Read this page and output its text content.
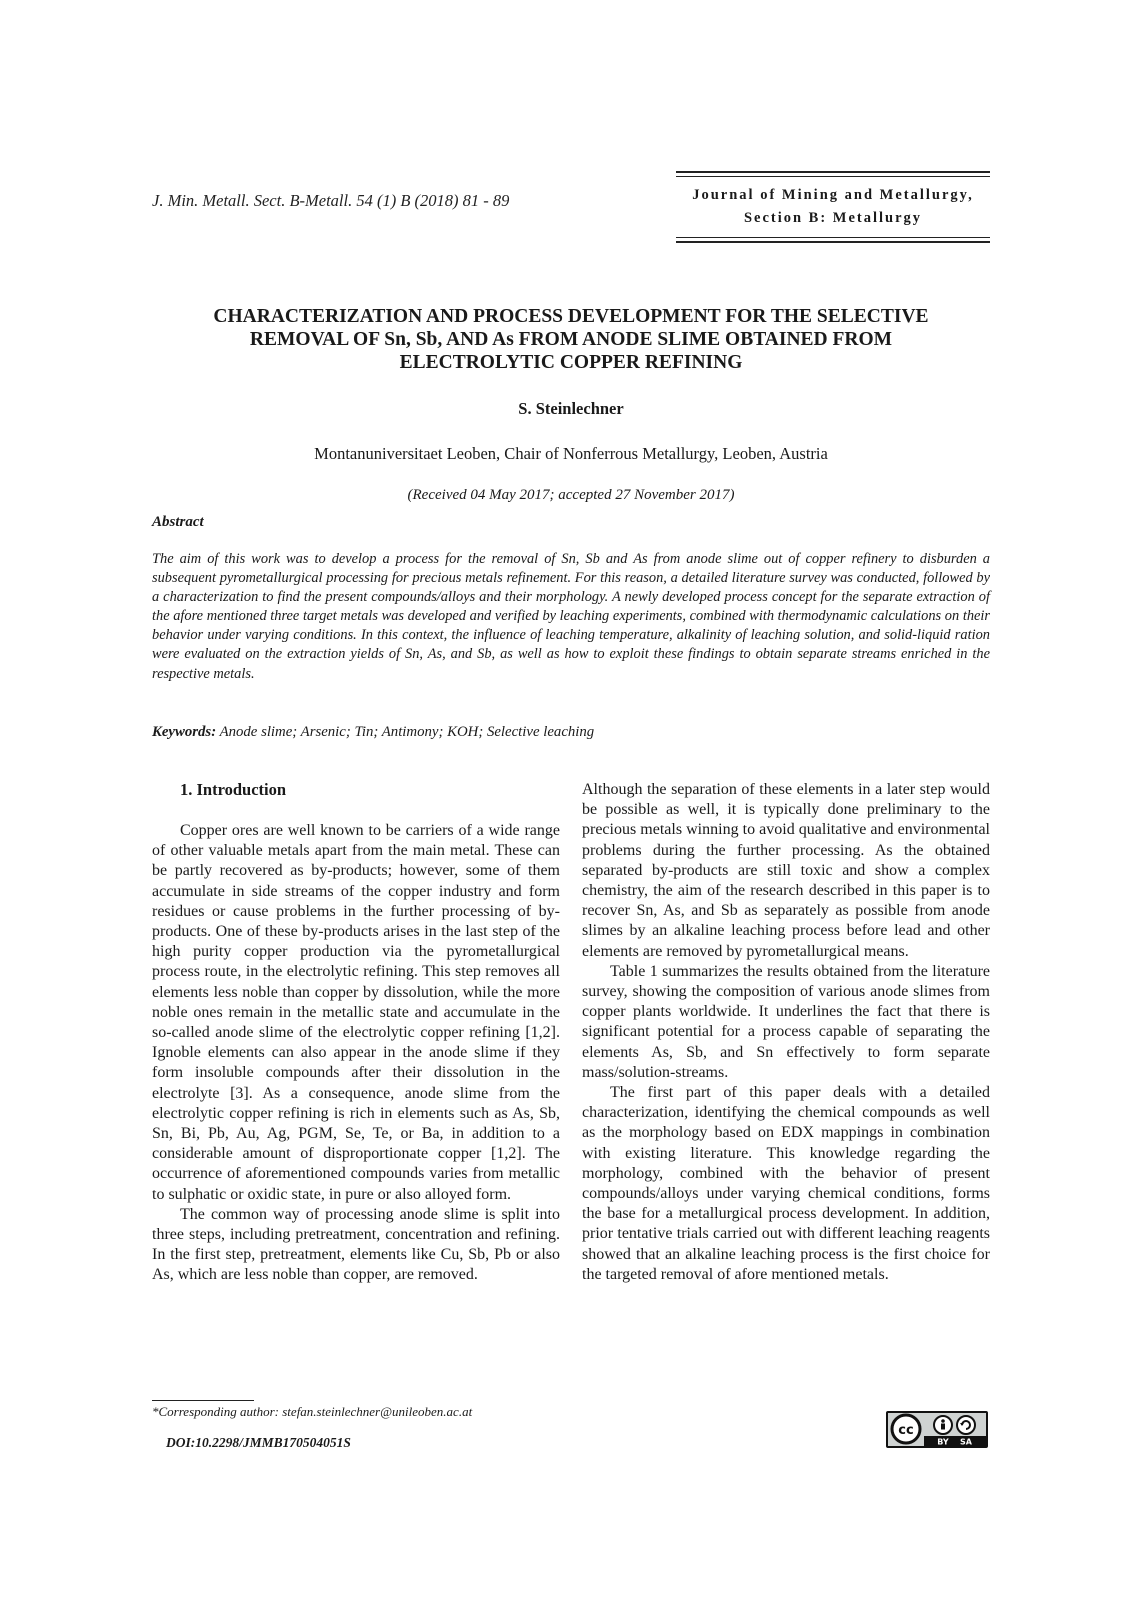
J. Min. Metall. Sect. B-Metall. 54 (1) B (2018) 81 - 89	Journal of Mining and Metallurgy,
Section B: Metallurgy
CHARACTERIZATION AND PROCESS DEVELOPMENT FOR THE SELECTIVE
REMOVAL OF Sn, Sb, AND As FROM ANODE SLIME OBTAINED FROM
ELECTROLYTIC COPPER REFINING
S. Steinlechner
Montanuniversitaet Leoben, Chair of Nonferrous Metallurgy, Leoben, Austria
(Received 04 May 2017; accepted 27 November 2017)
Abstract
The aim of this work was to develop a process for the removal of Sn, Sb and As from anode slime out of copper refinery to disburden a subsequent pyrometallurgical processing for precious metals refinement. For this reason, a detailed literature survey was conducted, followed by a characterization to find the present compounds/alloys and their morphology. A newly developed process concept for the separate extraction of the afore mentioned three target metals was developed and verified by leaching experiments, combined with thermodynamic calculations on their behavior under varying conditions. In this context, the influence of leaching temperature, alkalinity of leaching solution, and solid-liquid ration were evaluated on the extraction yields of Sn, As, and Sb, as well as how to exploit these findings to obtain separate streams enriched in the respective metals.
Keywords: Anode slime; Arsenic; Tin; Antimony; KOH; Selective leaching
1. Introduction

Copper ores are well known to be carriers of a wide range of other valuable metals apart from the main metal. These can be partly recovered as by-products; however, some of them accumulate in side streams of the copper industry and form residues or cause problems in the further processing of by-products. One of these by-products arises in the last step of the high purity copper production via the pyrometallurgical process route, in the electrolytic refining. This step removes all elements less noble than copper by dissolution, while the more noble ones remain in the metallic state and accumulate in the so-called anode slime of the electrolytic copper refining [1,2]. Ignoble elements can also appear in the anode slime if they form insoluble compounds after their dissolution in the electrolyte [3]. As a consequence, anode slime from the electrolytic copper refining is rich in elements such as As, Sb, Sn, Bi, Pb, Au, Ag, PGM, Se, Te, or Ba, in addition to a considerable amount of disproportionate copper [1,2]. The occurrence of aforementioned compounds varies from metallic to sulphatic or oxidic state, in pure or also alloyed form.

The common way of processing anode slime is split into three steps, including pretreatment, concentration and refining. In the first step, pretreatment, elements like Cu, Sb, Pb or also As, which are less noble than copper, are removed.

Although the separation of these elements in a later step would be possible as well, it is typically done preliminary to the precious metals winning to avoid qualitative and environmental problems during the further processing. As the obtained separated by-products are still toxic and show a complex chemistry, the aim of the research described in this paper is to recover Sn, As, and Sb as separately as possible from anode slimes by an alkaline leaching process before lead and other elements are removed by pyrometallurgical means.

Table 1 summarizes the results obtained from the literature survey, showing the composition of various anode slimes from copper plants worldwide. It underlines the fact that there is significant potential for a process capable of separating the elements As, Sb, and Sn effectively to form separate mass/solution-streams.

The first part of this paper deals with a detailed characterization, identifying the chemical compounds as well as the morphology based on EDX mappings in combination with existing literature. This knowledge regarding the morphology, combined with the behavior of present compounds/alloys under varying chemical conditions, forms the base for a metallurgical process development. In addition, prior tentative trials carried out with different leaching reagents showed that an alkaline leaching process is the first choice for the targeted removal of afore mentioned metals.

*Corresponding author: stefan.steinlechner@unileoben.ac.at
DOI:10.2298/JMMB170504051S
cc
BY SA
